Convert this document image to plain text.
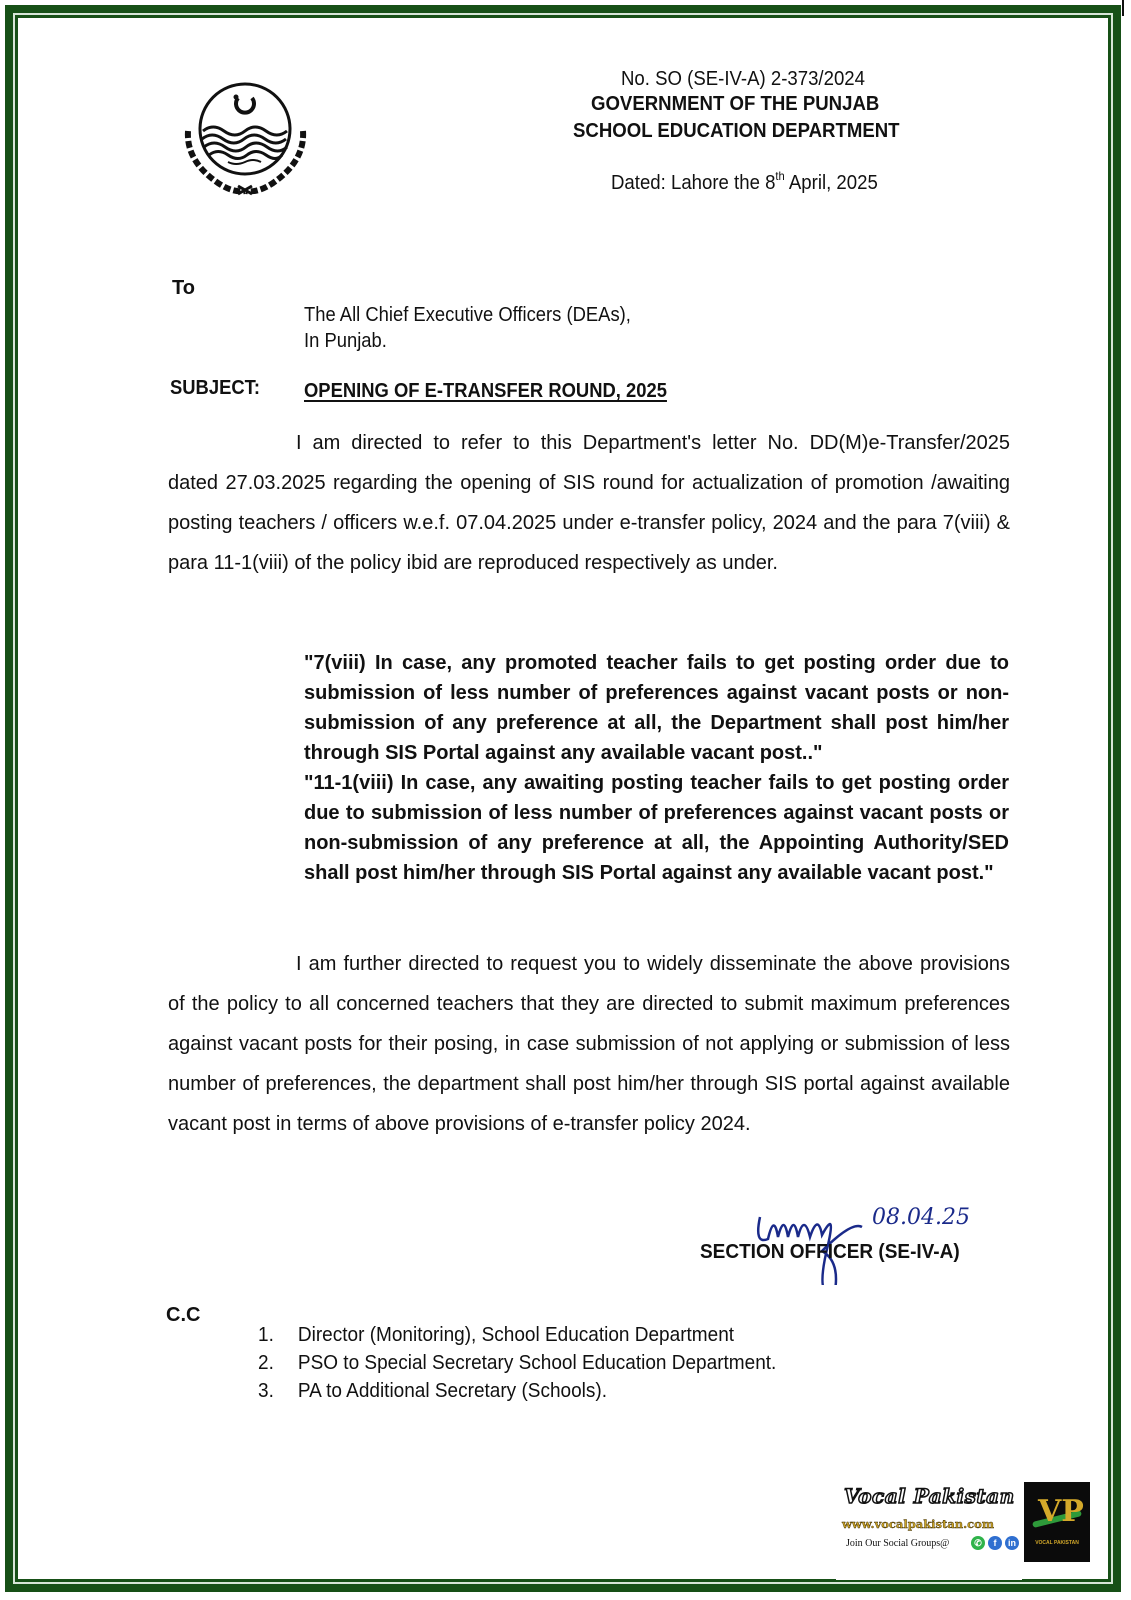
No. SO (SE-IV-A) 2-373/2024
GOVERNMENT OF THE PUNJAB
SCHOOL EDUCATION DEPARTMENT
Dated: Lahore the 8th April, 2025
To
The All Chief Executive Officers (DEAs),
In Punjab.
SUBJECT: OPENING OF E-TRANSFER ROUND, 2025
I am directed to refer to this Department's letter No. DD(M)e-Transfer/2025 dated 27.03.2025 regarding the opening of SIS round for actualization of promotion /awaiting posting teachers / officers w.e.f. 07.04.2025 under e-transfer policy, 2024 and the para 7(viii) & para 11-1(viii) of the policy ibid are reproduced respectively as under.

"7(viii) In case, any promoted teacher fails to get posting order due to submission of less number of preferences against vacant posts or non-submission of any preference at all, the Department shall post him/her through SIS Portal against any available vacant post.."

"11-1(viii) In case, any awaiting posting teacher fails to get posting order due to submission of less number of preferences against vacant posts or non-submission of any preference at all, the Appointing Authority/SED shall post him/her through SIS Portal against any available vacant post."

I am further directed to request you to widely disseminate the above provisions of the policy to all concerned teachers that they are directed to submit maximum preferences against vacant posts for their posing, in case submission of not applying or submission of less number of preferences, the department shall post him/her through SIS portal against available vacant post in terms of above provisions of e-transfer policy 2024.
08.04.25
SECTION OFFICER (SE-IV-A)
C.C
1. Director (Monitoring), School Education Department
2. PSO to Special Secretary School Education Department.
3. PA to Additional Secretary (Schools).
Vocal Pakistan
www.vocalpakistan.com
Join Our Social Groups@	✆	f	in
VP
VOCAL PAKISTAN
